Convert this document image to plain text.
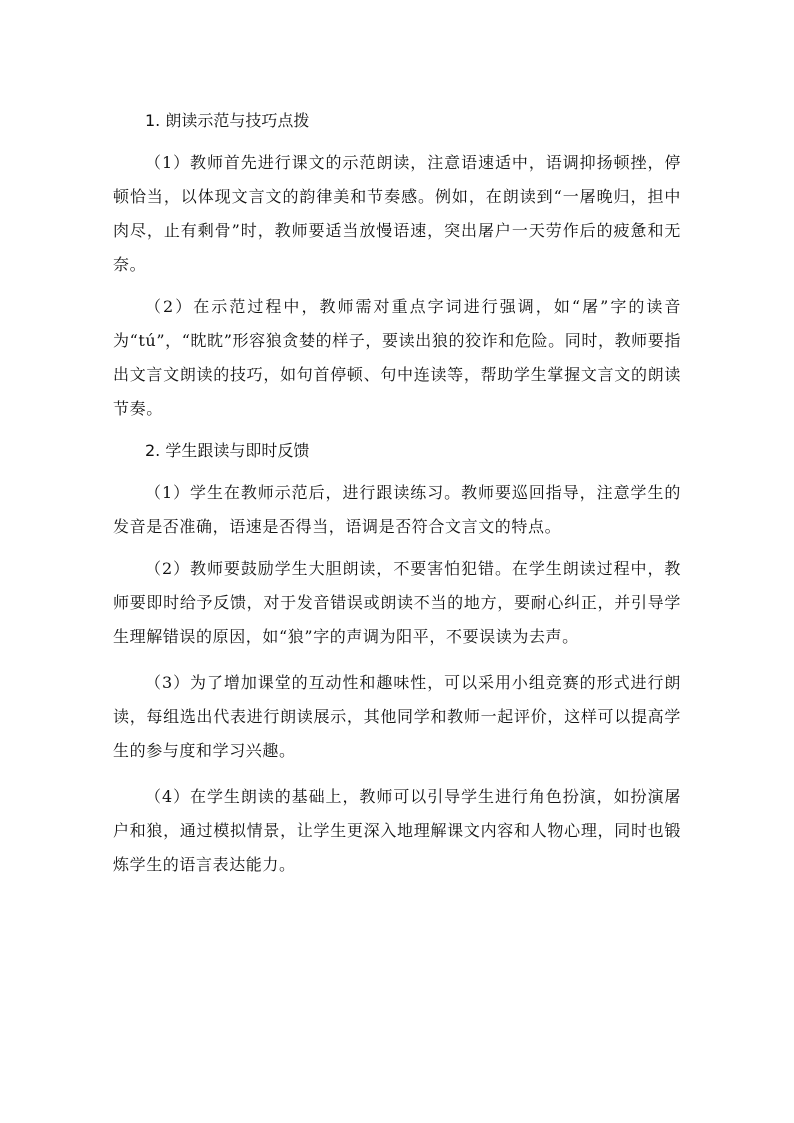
1. 朗读示范与技巧点拨

（1）教师首先进行课文的示范朗读，注意语速适中，语调抑扬顿挫，停顿恰当，以体现文言文的韵律美和节奏感。例如，在朗读到“一屠晚归，担中肉尽，止有剩骨”时，教师要适当放慢语速，突出屠户一天劳作后的疲惫和无奈。

（2）在示范过程中，教师需对重点字词进行强调，如“屠”字的读音为“tú”，“眈眈”形容狼贪婪的样子，要读出狼的狡诈和危险。同时，教师要指出文言文朗读的技巧，如句首停顿、句中连读等，帮助学生掌握文言文的朗读节奏。

2. 学生跟读与即时反馈

（1）学生在教师示范后，进行跟读练习。教师要巡回指导，注意学生的发音是否准确，语速是否得当，语调是否符合文言文的特点。

（2）教师要鼓励学生大胆朗读，不要害怕犯错。在学生朗读过程中，教师要即时给予反馈，对于发音错误或朗读不当的地方，要耐心纠正，并引导学生理解错误的原因，如“狼”字的声调为阳平，不要误读为去声。

（3）为了增加课堂的互动性和趣味性，可以采用小组竞赛的形式进行朗读，每组选出代表进行朗读展示，其他同学和教师一起评价，这样可以提高学生的参与度和学习兴趣。

（4）在学生朗读的基础上，教师可以引导学生进行角色扮演，如扮演屠户和狼，通过模拟情景，让学生更深入地理解课文内容和人物心理，同时也锻炼学生的语言表达能力。
